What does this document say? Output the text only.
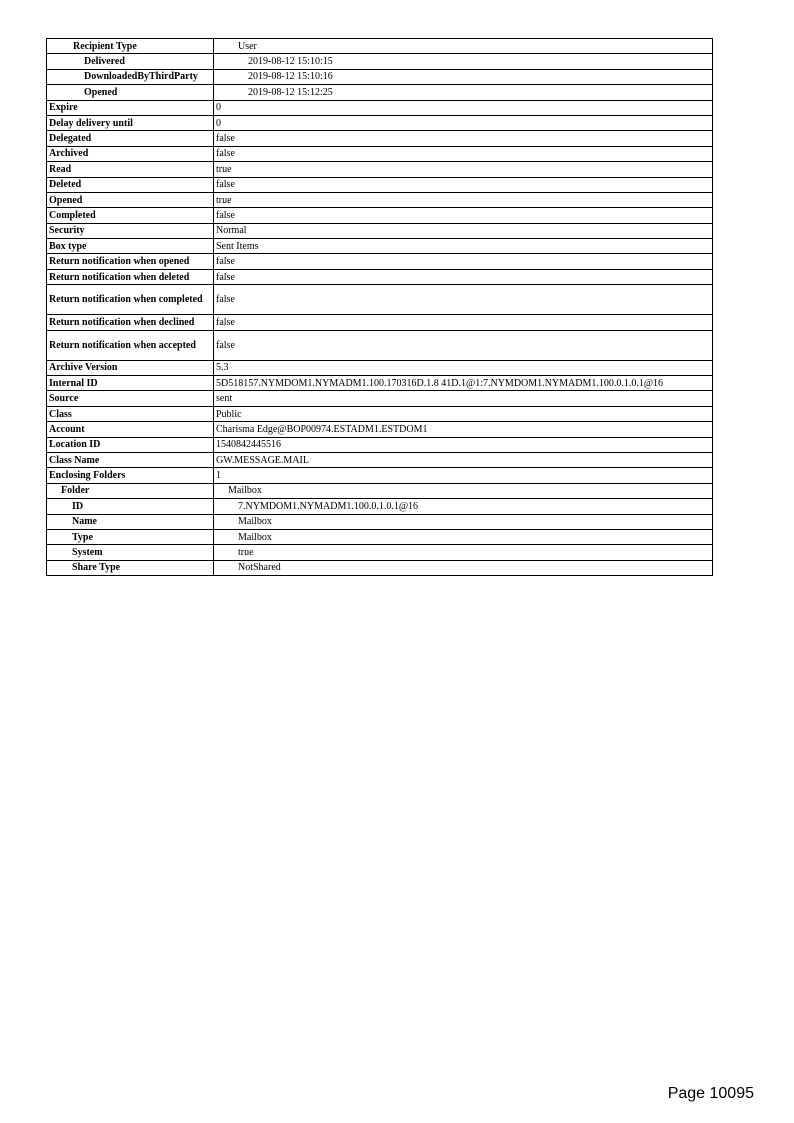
Recipient Type	User
Delivered	2019-08-12 15:10:15
DownloadedByThirdParty	2019-08-12 15:10:16
Opened	2019-08-12 15:12:25
Expire	0
Delay delivery until	0
Delegated	false
Archived	false
Read	true
Deleted	false
Opened	true
Completed	false
Security	Normal
Box type	Sent Items
Return notification when opened	false
Return notification when deleted	false
Return notification when completed	false
Return notification when declined	false
Return notification when accepted	false
Archive Version	5.3
Internal ID	5D518157.NYMDOM1.NYMADM1.100.170316D.1.8 41D.1@1:7.NYMDOM1.NYMADM1.100.0.1.0.1@16
Source	sent
Class	Public
Account	Charisma Edge@BOP00974.ESTADM1.ESTDOM1
Location ID	1540842445516
Class Name	GW.MESSAGE.MAIL
Enclosing Folders	1
Folder	Mailbox
ID	7.NYMDOM1.NYMADM1.100.0.1.0.1@16
Name	Mailbox
Type	Mailbox
System	true
Share Type	NotShared
Page 10095
